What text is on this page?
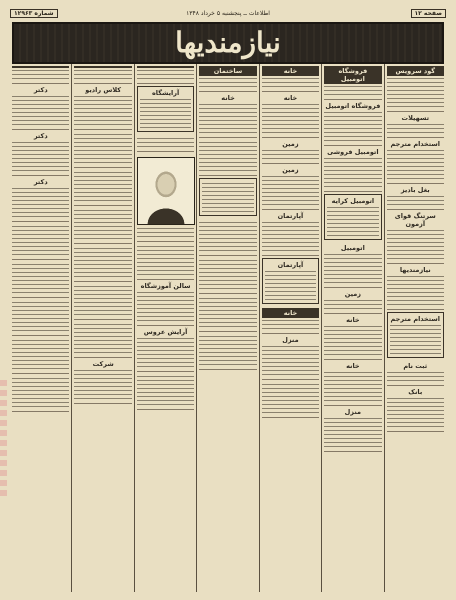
شماره ۱۲۹۶۳	اطلاعات ــ پنجشنبه ۵ خرداد ۱۳۴۸	صفحه ۱۲
نیازمندیها
گود سرویس
تسهیلات
استخدام مترجم
بغل بادیز
سرتنگ قوای آزمون
نیازمندیها
استخدام مترجم
ثبت نام
بانک
فروشگاه اتومبیل
فروشگاه اتومبیل
اتومبیل فروشی
اتومبیل کرایه
اتومبیل
زمین
خانه
خانه
منزل
خانه
خانه
زمین
زمین
آپارتمان
آپارتمان
خانه
منزل
ساختمان
خانه
آرایشگاه
سالن آموزشگاه
آرایش عروس
کلاس رادیو
شرکت
دکتر
دکتر
دکتر
